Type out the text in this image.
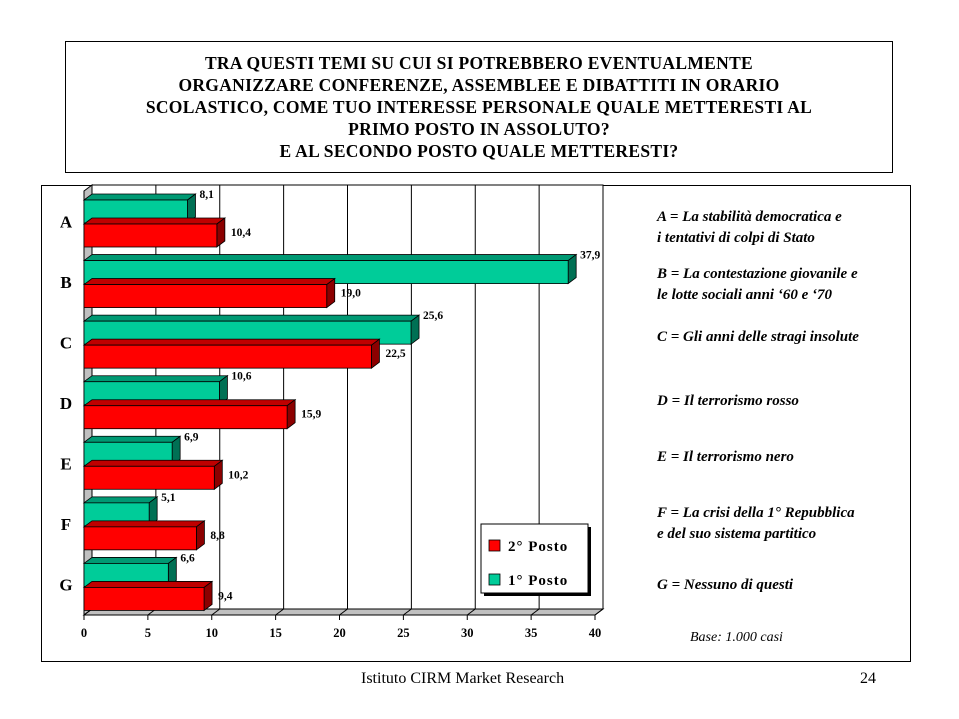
TRA QUESTI TEMI SU CUI SI POTREBBERO EVENTUALMENTE
ORGANIZZARE CONFERENZE, ASSEMBLEE E DIBATTITI IN ORARIO
SCOLASTICO, COME TUO INTERESSE PERSONALE QUALE METTERESTI AL
PRIMO POSTO IN ASSOLUTO?
E AL SECONDO POSTO QUALE METTERESTI?
0	5	10	15	20	25	30	35	40
8,1
10,4
A
37,9
19,0
B
25,6
22,5
C
10,6
15,9
D
6,9
10,2
E
5,1
8,8
F
6,6
9,4
G
2° Posto
1° Posto
A = La stabilità democratica e
i tentativi di colpi di Stato
B = La contestazione giovanile e
le lotte sociali anni ‘60 e ‘70
C = Gli anni delle stragi insolute
D = Il terrorismo rosso
E = Il terrorismo nero
F = La crisi della 1° Repubblica
e del suo sistema partitico
G = Nessuno di questi
Base: 1.000 casi
Istituto CIRM Market Research	24
